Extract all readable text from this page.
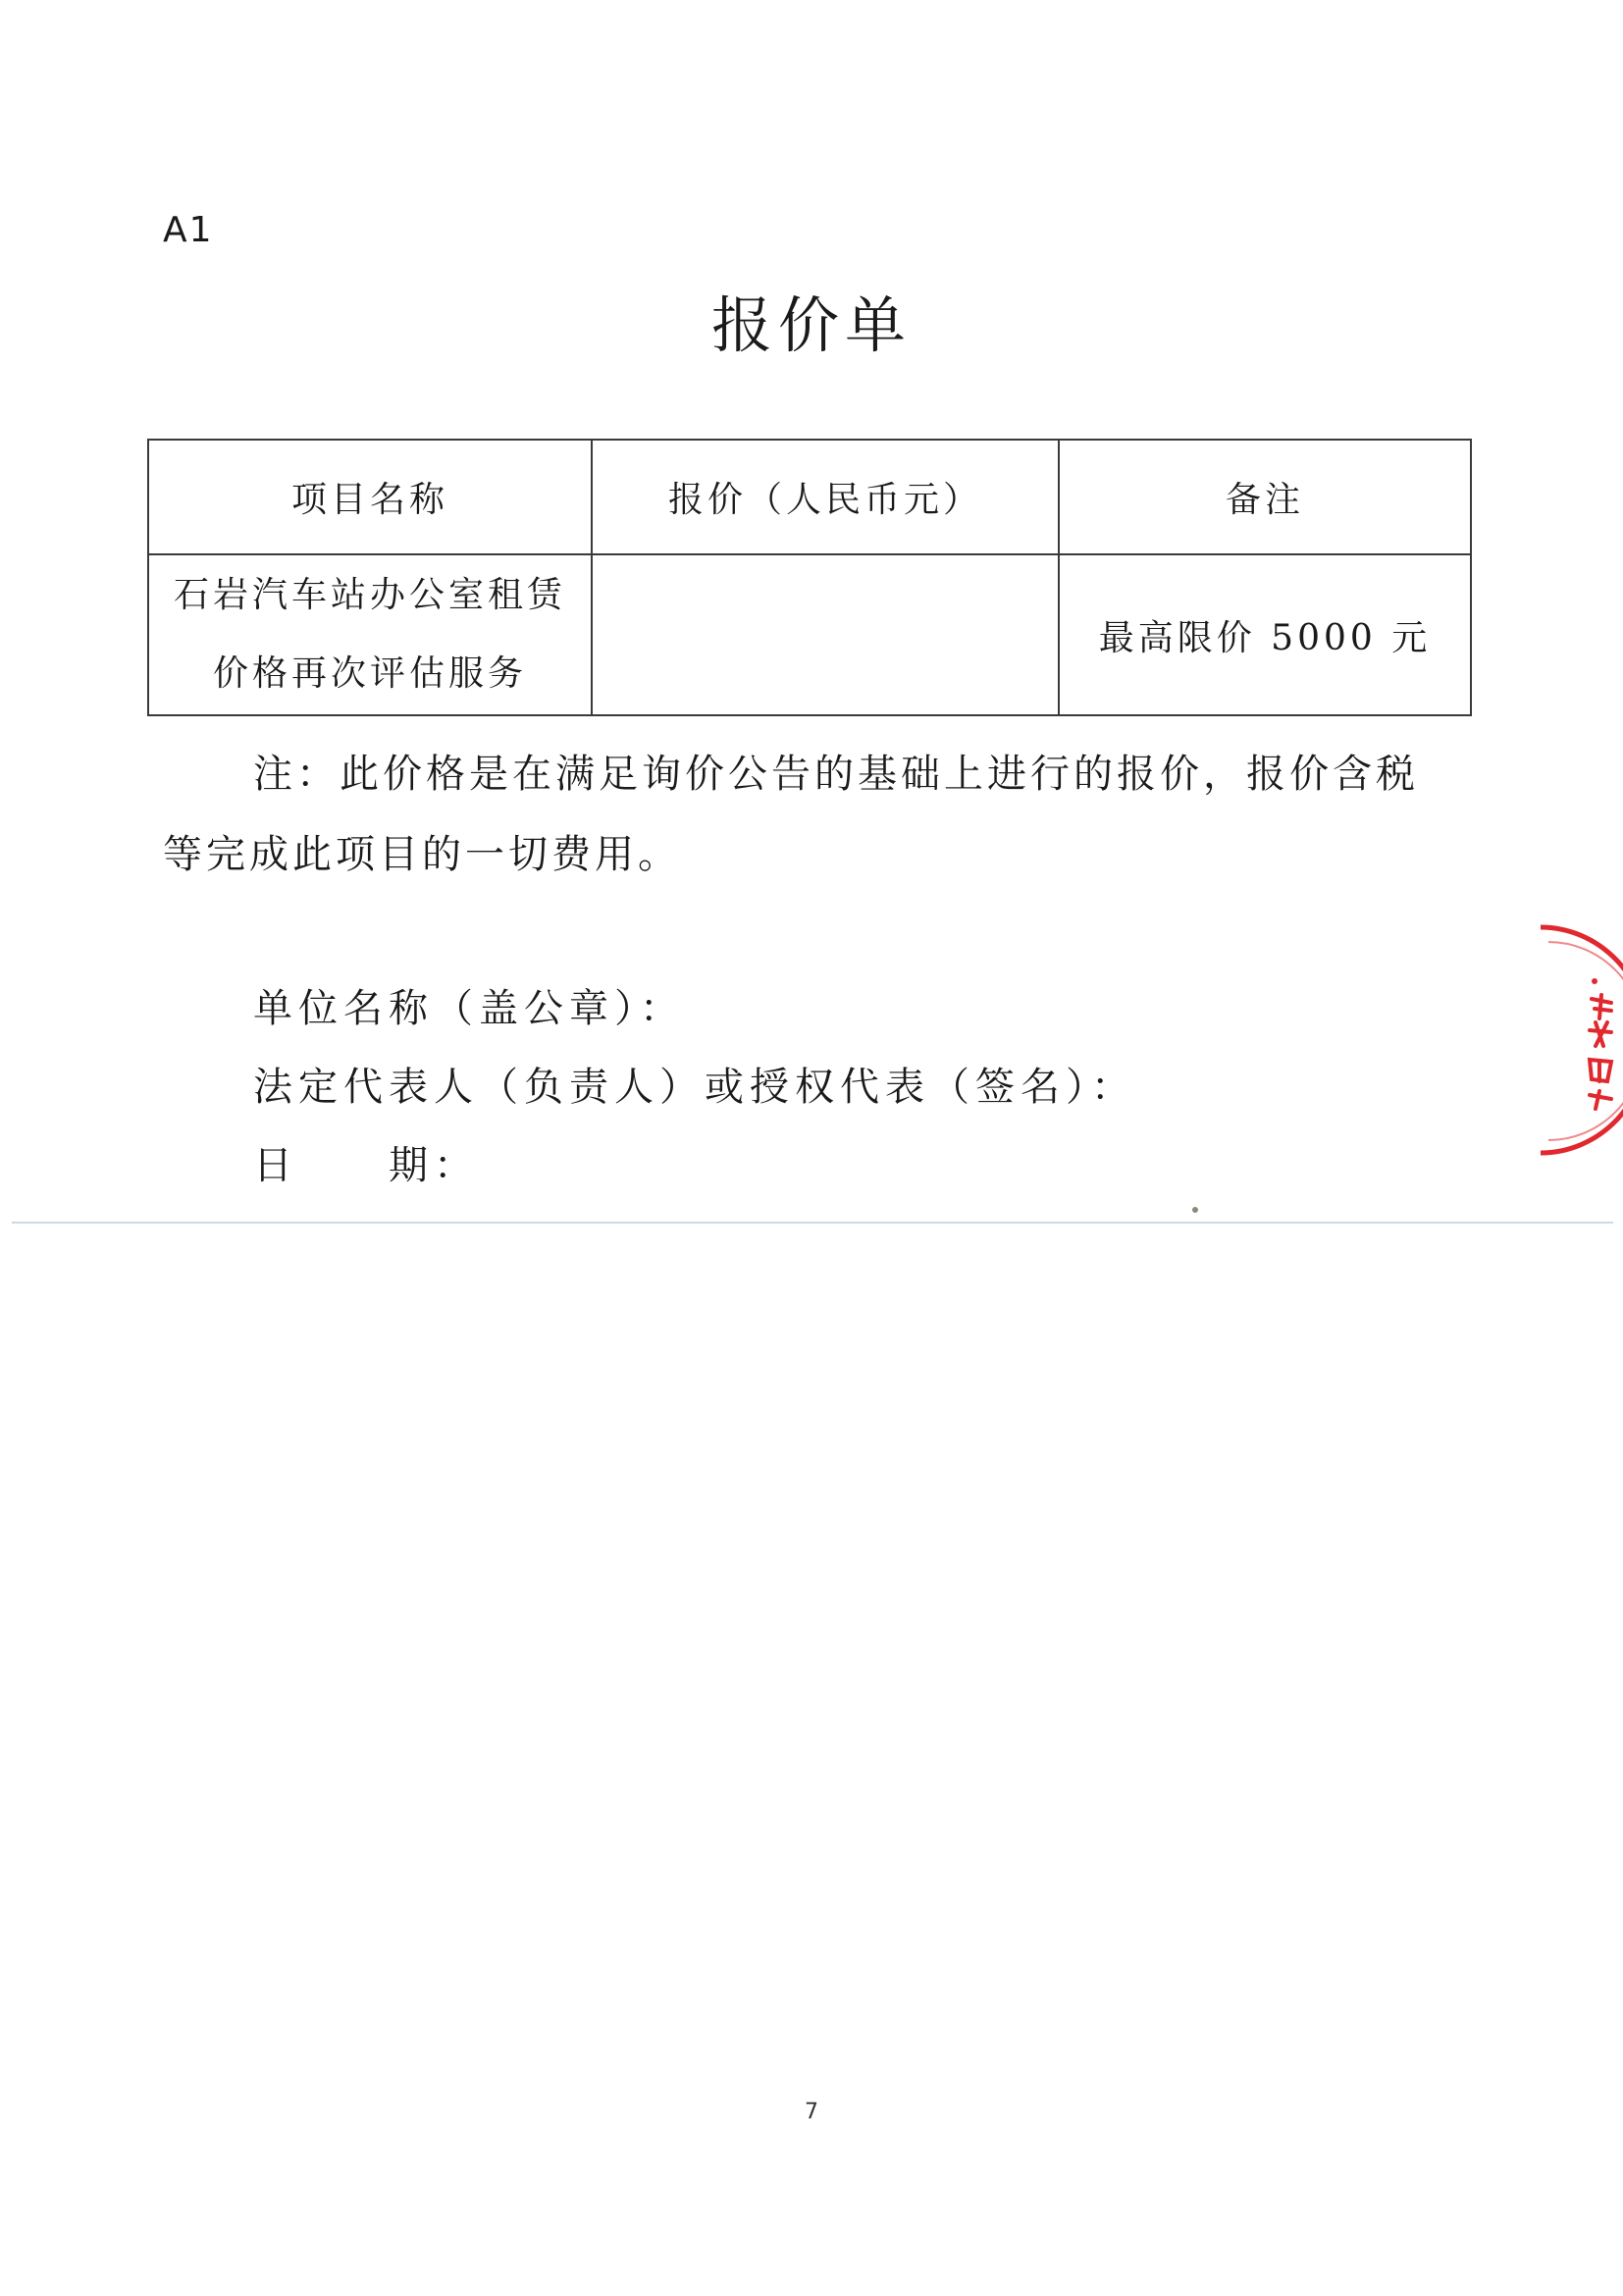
A1
报价单
项目名称	报价（人民币元）	备注
石岩汽车站办公室租赁
价格再次评估服务		最高限价 5000 元
注：此价格是在满足询价公告的基础上进行的报价，报价含税等完成此项目的一切费用。
单位名称（盖公章）：
法定代表人（负责人）或授权代表（签名）：
日　　期：
7
